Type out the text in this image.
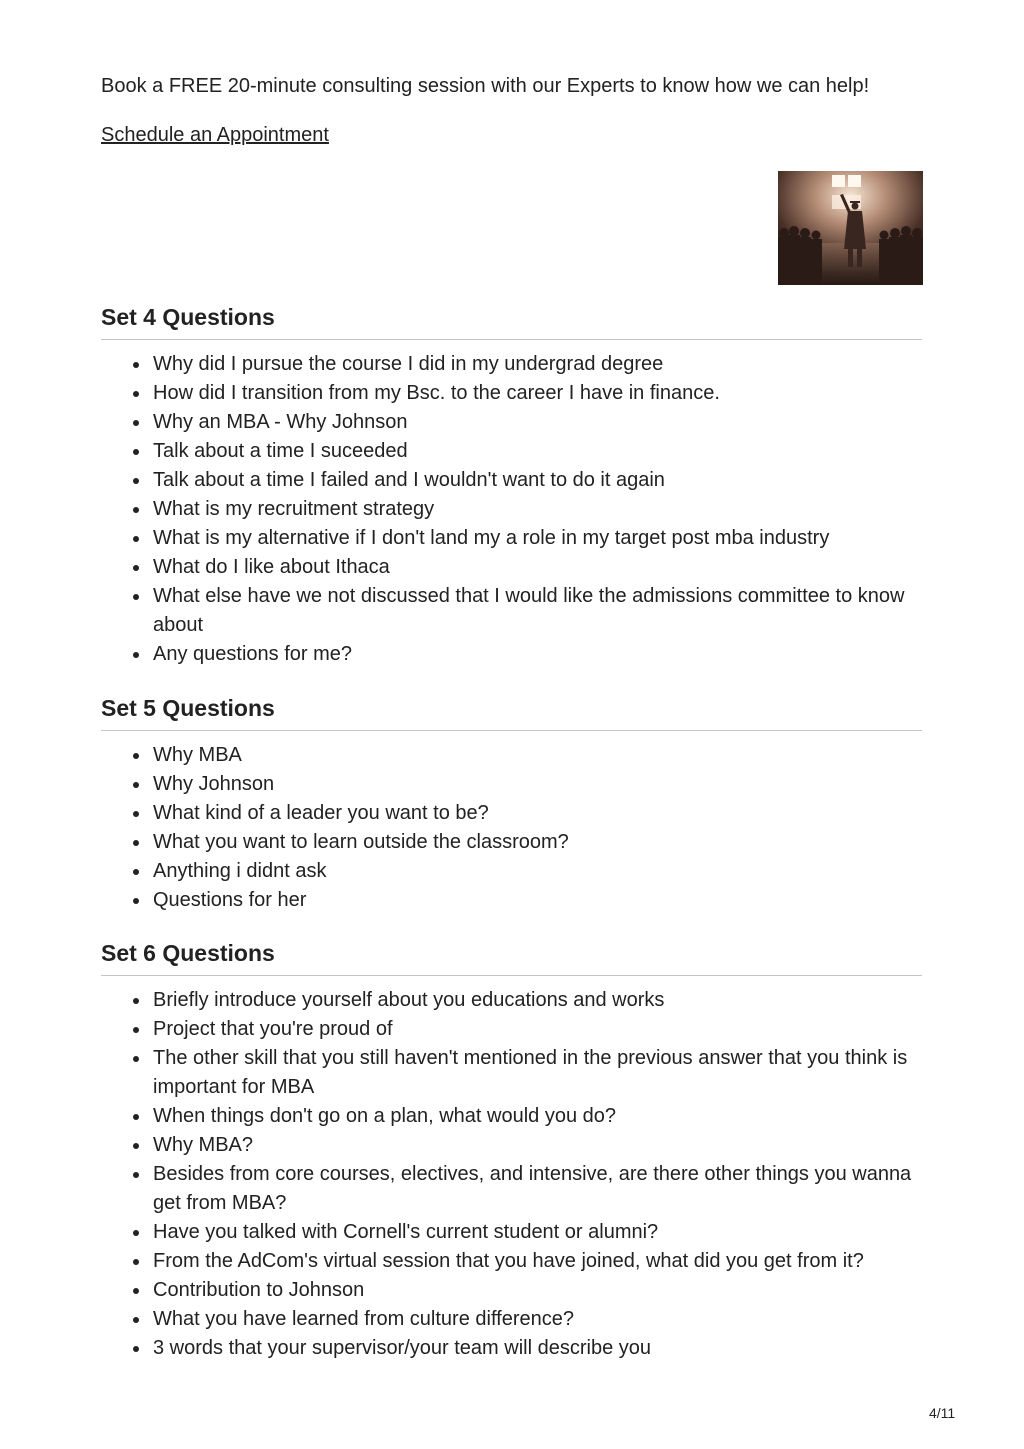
Book a FREE 20-minute consulting session with our Experts to know how we can help!

Schedule an Appointment
Set 4 Questions
Why did I pursue the course I did in my undergrad degree
How did I transition from my Bsc. to the career I have in finance.
Why an MBA - Why Johnson
Talk about a time I suceeded
Talk about a time I failed and I wouldn't want to do it again
What is my recruitment strategy
What is my alternative if I don't land my a role in my target post mba industry
What do I like about Ithaca
What else have we not discussed that I would like the admissions committee to know about
Any questions for me?
Set 5 Questions
Why MBA
Why Johnson
What kind of a leader you want to be?
What you want to learn outside the classroom?
Anything i didnt ask
Questions for her
Set 6 Questions
Briefly introduce yourself about you educations and works
Project that you're proud of
The other skill that you still haven't mentioned in the previous answer that you think is important for MBA
When things don't go on a plan, what would you do?
Why MBA?
Besides from core courses, electives, and intensive, are there other things you wanna get from MBA?
Have you talked with Cornell's current student or alumni?
From the AdCom's virtual session that you have joined, what did you get from it?
Contribution to Johnson
What you have learned from culture difference?
3 words that your supervisor/your team will describe you
4/11
